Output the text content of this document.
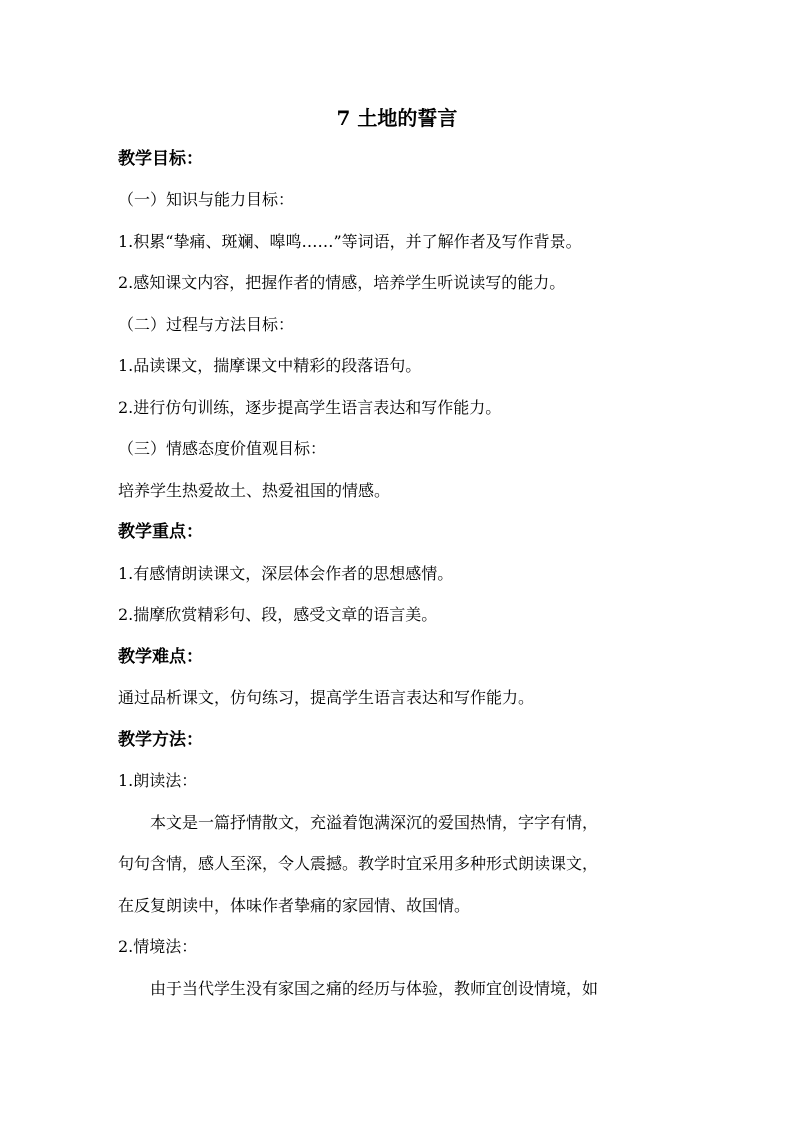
7 土地的誓言
教学目标：
（一）知识与能力目标：
1.积累“挚痛、斑斓、嗥鸣……”等词语，并了解作者及写作背景。
2.感知课文内容，把握作者的情感，培养学生听说读写的能力。
（二）过程与方法目标：
1.品读课文，揣摩课文中精彩的段落语句。
2.进行仿句训练，逐步提高学生语言表达和写作能力。
（三）情感态度价值观目标：
培养学生热爱故土、热爱祖国的情感。
教学重点：
1.有感情朗读课文，深层体会作者的思想感情。
2.揣摩欣赏精彩句、段，感受文章的语言美。
教学难点：
通过品析课文，仿句练习，提高学生语言表达和写作能力。
教学方法：
1.朗读法：
本文是一篇抒情散文，充溢着饱满深沉的爱国热情，字字有情，
句句含情，感人至深，令人震撼。教学时宜采用多种形式朗读课文，
在反复朗读中，体味作者挚痛的家园情、故国情。
2.情境法：
由于当代学生没有家国之痛的经历与体验，教师宜创设情境，如
